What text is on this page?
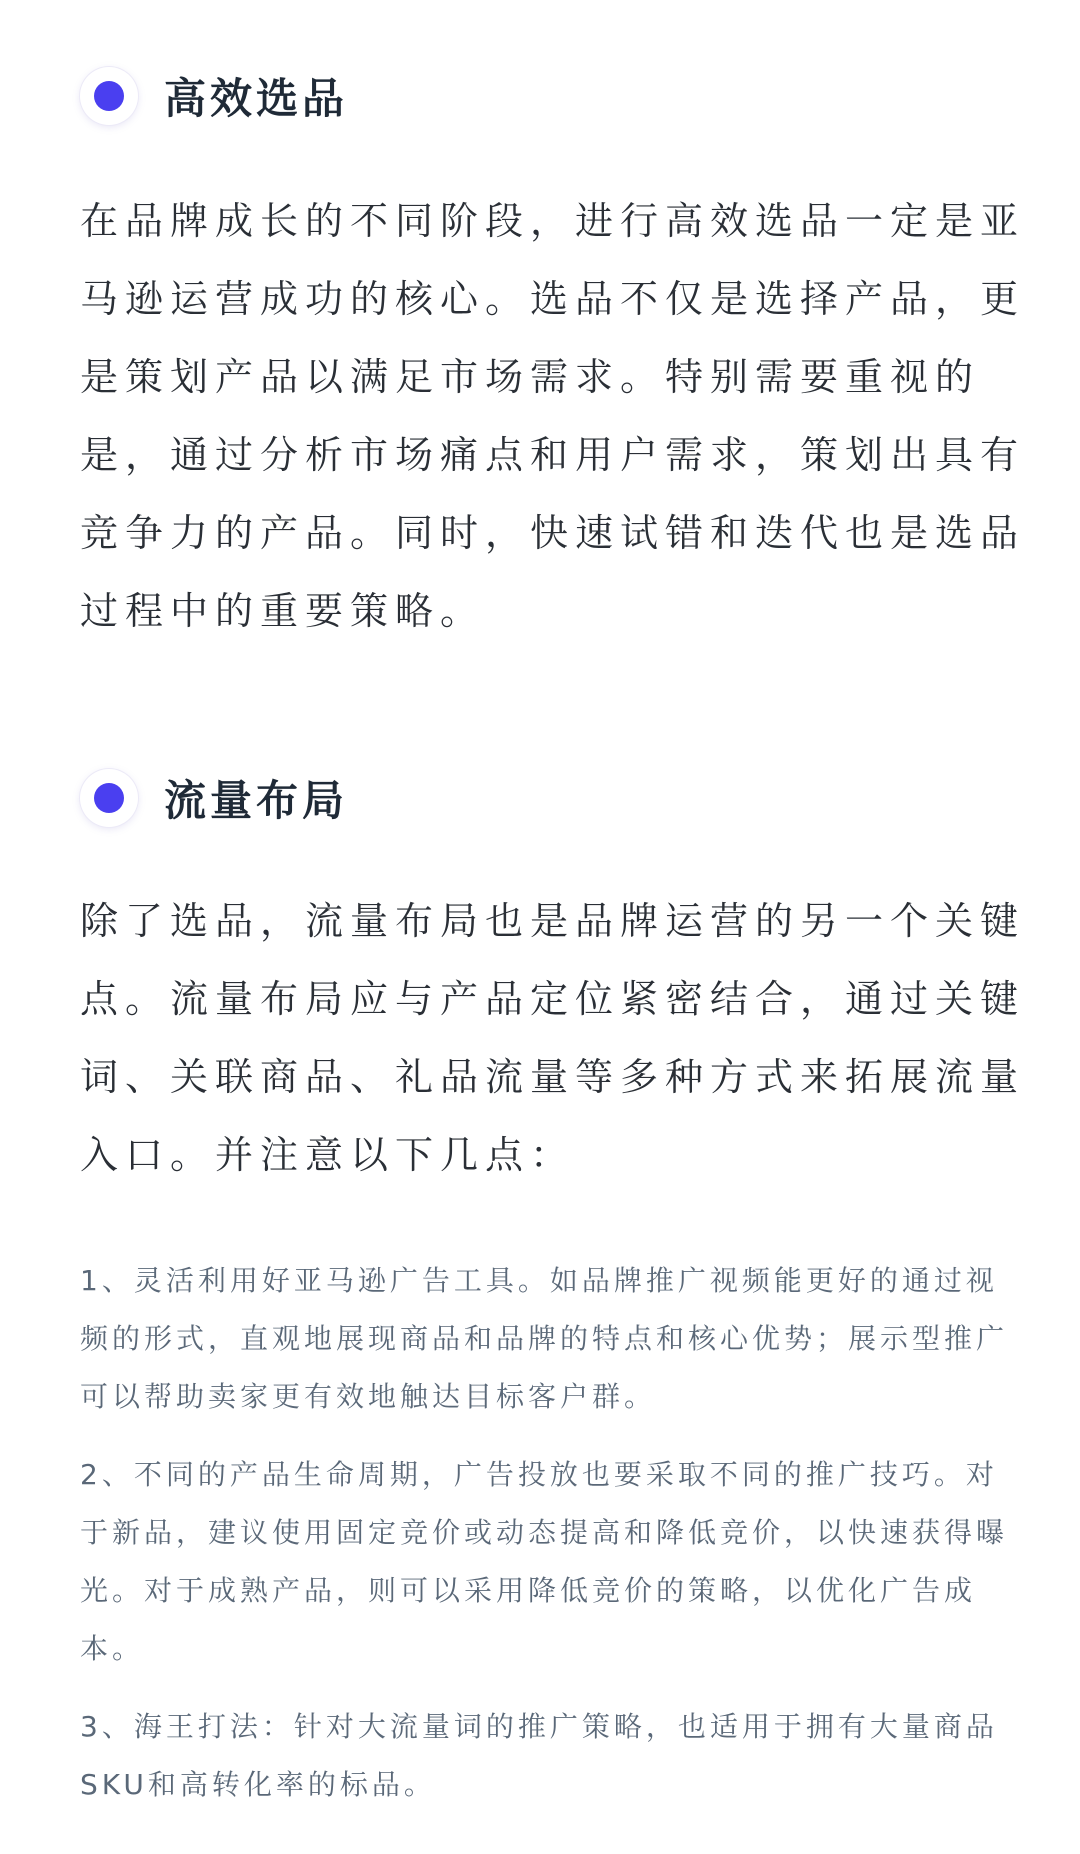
高效选品

在品牌成长的不同阶段，进行高效选品一定是亚马逊运营成功的核心。选品不仅是选择产品，更是策划产品以满足市场需求。特别需要重视的是，通过分析市场痛点和用户需求，策划出具有竞争力的产品。同时，快速试错和迭代也是选品过程中的重要策略。

流量布局

除了选品，流量布局也是品牌运营的另一个关键点。流量布局应与产品定位紧密结合，通过关键词、关联商品、礼品流量等多种方式来拓展流量入口。并注意以下几点：

1、灵活利用好亚马逊广告工具。如品牌推广视频能更好的通过视频的形式，直观地展现商品和品牌的特点和核心优势；展示型推广可以帮助卖家更有效地触达目标客户群。

2、不同的产品生命周期，广告投放也要采取不同的推广技巧。对于新品，建议使用固定竞价或动态提高和降低竞价，以快速获得曝光。对于成熟产品，则可以采用降低竞价的策略，以优化广告成本。

3、海王打法：针对大流量词的推广策略，也适用于拥有大量商品SKU和高转化率的标品。
